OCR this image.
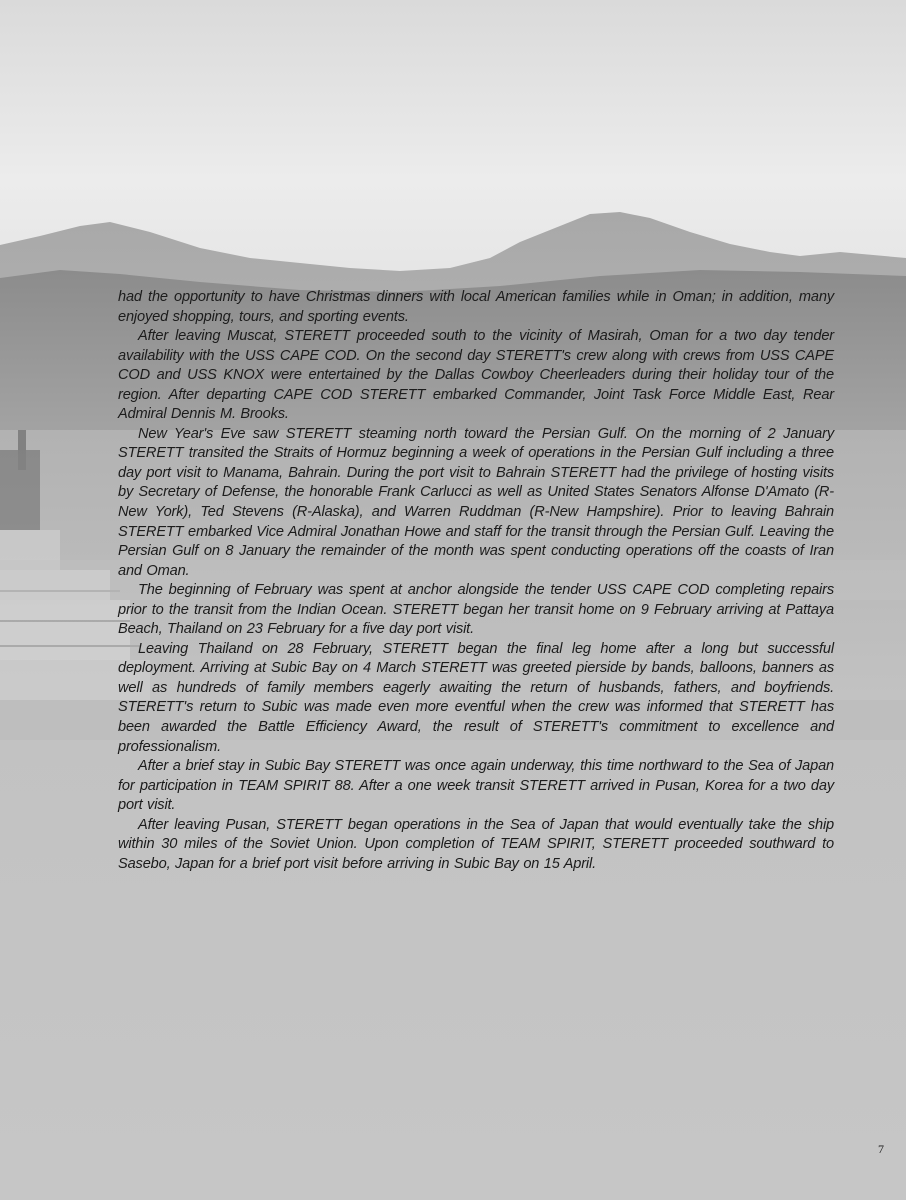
had the opportunity to have Christmas dinners with local American families while in Oman; in addition, many enjoyed shopping, tours, and sporting events.

After leaving Muscat, STERETT proceeded south to the vicinity of Masirah, Oman for a two day tender availability with the USS CAPE COD. On the second day STERETT's crew along with crews from USS CAPE COD and USS KNOX were entertained by the Dallas Cowboy Cheerleaders during their holiday tour of the region. After departing CAPE COD STERETT embarked Commander, Joint Task Force Middle East, Rear Admiral Dennis M. Brooks.

New Year's Eve saw STERETT steaming north toward the Persian Gulf. On the morning of 2 January STERETT transited the Straits of Hormuz beginning a week of operations in the Persian Gulf including a three day port visit to Manama, Bahrain. During the port visit to Bahrain STERETT had the privilege of hosting visits by Secretary of Defense, the honorable Frank Carlucci as well as United States Senators Alfonse D'Amato (R-New York), Ted Stevens (R-Alaska), and Warren Ruddman (R-New Hampshire). Prior to leaving Bahrain STERETT embarked Vice Admiral Jonathan Howe and staff for the transit through the Persian Gulf. Leaving the Persian Gulf on 8 January the remainder of the month was spent conducting operations off the coasts of Iran and Oman.

The beginning of February was spent at anchor alongside the tender USS CAPE COD completing repairs prior to the transit from the Indian Ocean. STERETT began her transit home on 9 February arriving at Pattaya Beach, Thailand on 23 February for a five day port visit.

Leaving Thailand on 28 February, STERETT began the final leg home after a long but successful deployment. Arriving at Subic Bay on 4 March STERETT was greeted pierside by bands, balloons, banners as well as hundreds of family members eagerly awaiting the return of husbands, fathers, and boyfriends. STERETT's return to Subic was made even more eventful when the crew was informed that STERETT has been awarded the Battle Efficiency Award, the result of STERETT's commitment to excellence and professionalism.

After a brief stay in Subic Bay STERETT was once again underway, this time northward to the Sea of Japan for participation in TEAM SPIRIT 88. After a one week transit STERETT arrived in Pusan, Korea for a two day port visit.

After leaving Pusan, STERETT began operations in the Sea of Japan that would eventually take the ship within 30 miles of the Soviet Union. Upon completion of TEAM SPIRIT, STERETT proceeded southward to Sasebo, Japan for a brief port visit before arriving in Subic Bay on 15 April.

7
